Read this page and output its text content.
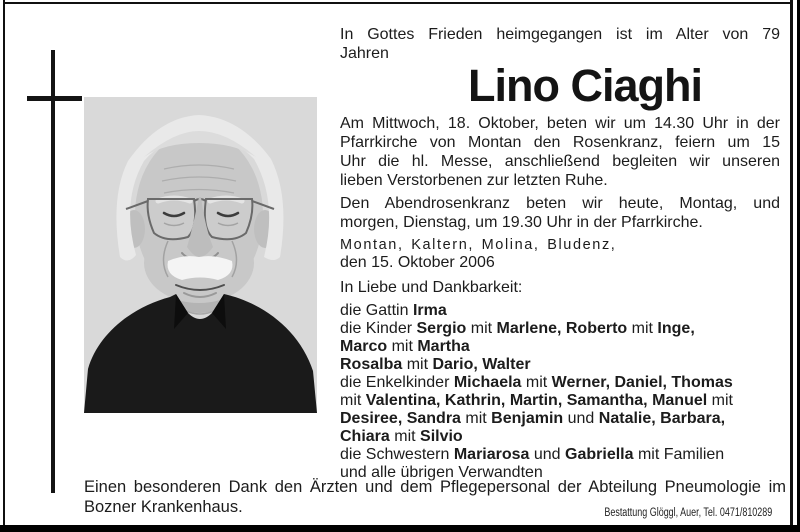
In Gottes Frieden heimgegangen ist im Alter von 79
Jahren
Lino Ciaghi
Am Mittwoch, 18. Oktober, beten wir um 14.30 Uhr in der
Pfarrkirche von Montan den Rosenkranz, feiern um 15
Uhr die hl. Messe, anschließend begleiten wir unseren
lieben Verstorbenen zur letzten Ruhe.
Den Abendrosenkranz beten wir heute, Montag, und
morgen, Dienstag, um 19.30 Uhr in der Pfarrkirche.
Montan, Kaltern, Molina, Bludenz,
den 15. Oktober 2006
In Liebe und Dankbarkeit:
die Gattin Irma
die Kinder Sergio mit Marlene, Roberto mit Inge,
Marco mit Martha
Rosalba mit Dario, Walter
die Enkelkinder Michaela mit Werner, Daniel, Thomas
mit Valentina, Kathrin, Martin, Samantha, Manuel mit
Desiree, Sandra mit Benjamin und Natalie, Barbara,
Chiara mit Silvio
die Schwestern Mariarosa und Gabriella mit Familien
und alle übrigen Verwandten
Einen besonderen Dank den Ärzten und dem Pflegepersonal der Abteilung Pneumologie im
Bozner Krankenhaus.	Bestattung Glöggl, Auer, Tel. 0471/810289
